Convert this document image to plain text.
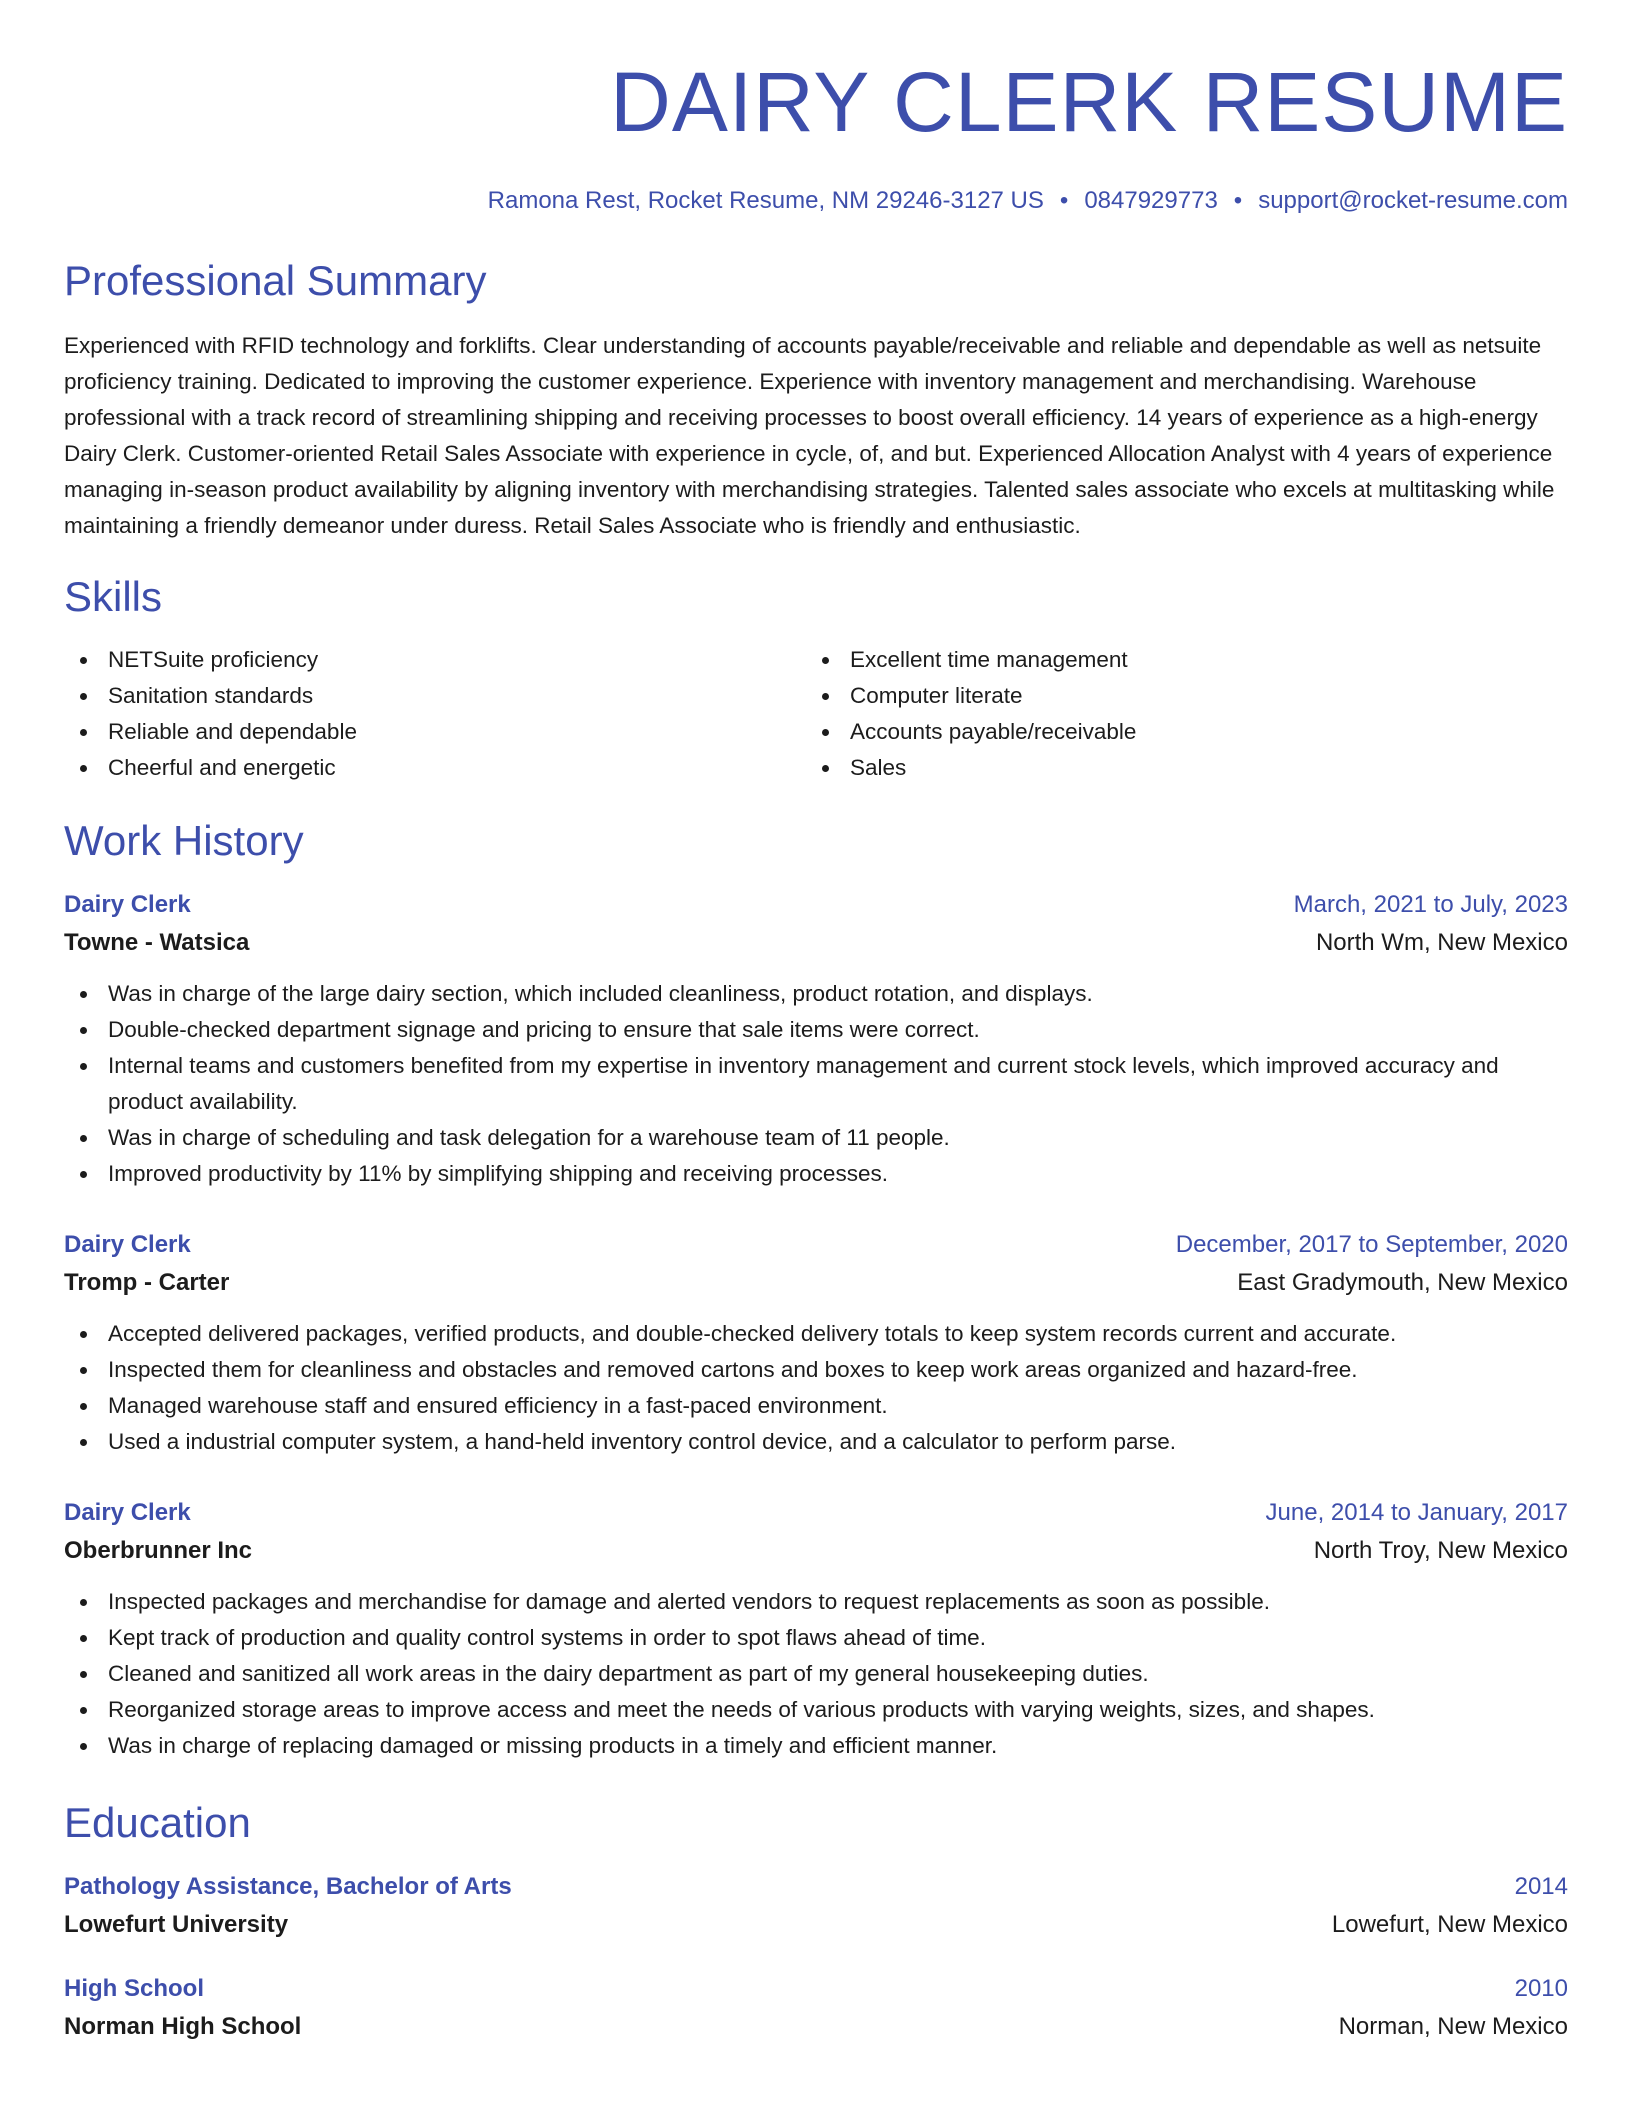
DAIRY CLERK RESUME
Ramona Rest, Rocket Resume, NM 29246-3127 US • 0847929773 • support@rocket-resume.com
Professional Summary
Experienced with RFID technology and forklifts. Clear understanding of accounts payable/receivable and reliable and dependable as well as netsuite proficiency training. Dedicated to improving the customer experience. Experience with inventory management and merchandising. Warehouse professional with a track record of streamlining shipping and receiving processes to boost overall efficiency. 14 years of experience as a high-energy Dairy Clerk. Customer-oriented Retail Sales Associate with experience in cycle, of, and but. Experienced Allocation Analyst with 4 years of experience managing in-season product availability by aligning inventory with merchandising strategies. Talented sales associate who excels at multitasking while maintaining a friendly demeanor under duress. Retail Sales Associate who is friendly and enthusiastic.
Skills
NETSuite proficiency
Sanitation standards
Reliable and dependable
Cheerful and energetic
Excellent time management
Computer literate
Accounts payable/receivable
Sales
Work History
Dairy Clerk	March, 2021 to July, 2023
Towne - Watsica	North Wm, New Mexico
Was in charge of the large dairy section, which included cleanliness, product rotation, and displays.
Double-checked department signage and pricing to ensure that sale items were correct.
Internal teams and customers benefited from my expertise in inventory management and current stock levels, which improved accuracy and product availability.
Was in charge of scheduling and task delegation for a warehouse team of 11 people.
Improved productivity by 11% by simplifying shipping and receiving processes.
Dairy Clerk	December, 2017 to September, 2020
Tromp - Carter	East Gradymouth, New Mexico
Accepted delivered packages, verified products, and double-checked delivery totals to keep system records current and accurate.
Inspected them for cleanliness and obstacles and removed cartons and boxes to keep work areas organized and hazard-free.
Managed warehouse staff and ensured efficiency in a fast-paced environment.
Used a industrial computer system, a hand-held inventory control device, and a calculator to perform parse.
Dairy Clerk	June, 2014 to January, 2017
Oberbrunner Inc	North Troy, New Mexico
Inspected packages and merchandise for damage and alerted vendors to request replacements as soon as possible.
Kept track of production and quality control systems in order to spot flaws ahead of time.
Cleaned and sanitized all work areas in the dairy department as part of my general housekeeping duties.
Reorganized storage areas to improve access and meet the needs of various products with varying weights, sizes, and shapes.
Was in charge of replacing damaged or missing products in a timely and efficient manner.
Education
Pathology Assistance, Bachelor of Arts	2014
Lowefurt University	Lowefurt, New Mexico
High School	2010
Norman High School	Norman, New Mexico
